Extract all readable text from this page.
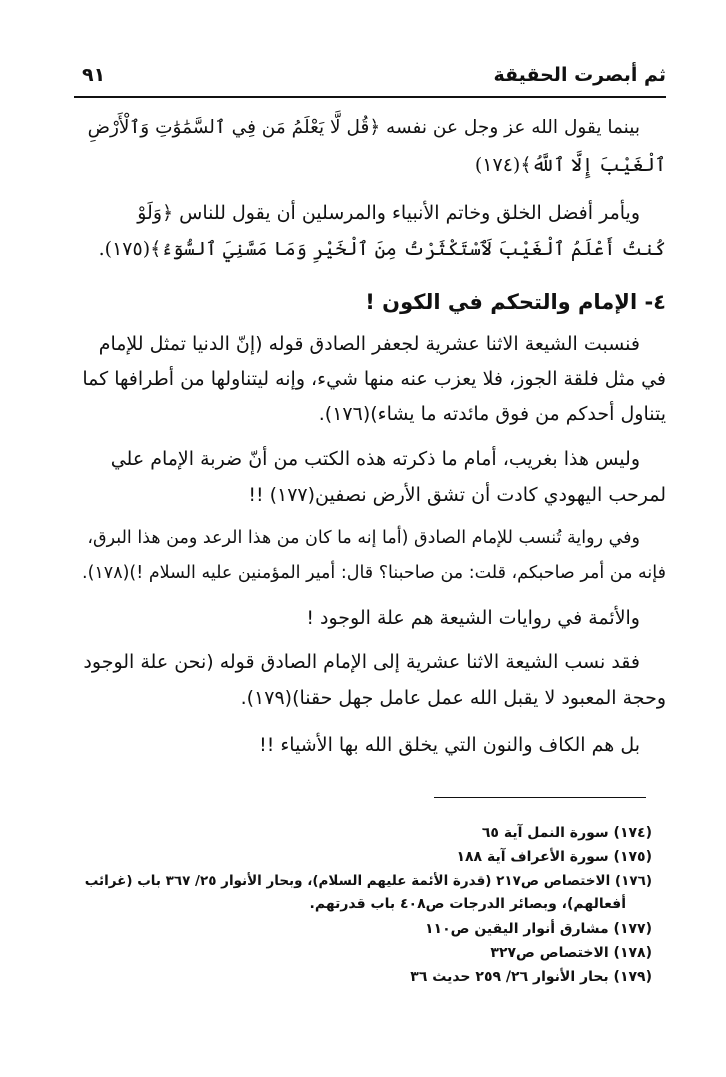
ثم أبصرت الحقيقة
٩١
بينما يقول الله عز وجل عن نفسه ﴿قُل لَّا يَعْلَمُ مَن فِي ٱلسَّمَٰوَٰتِ وَٱلْأَرْضِ
ٱلْغَيْبَ إِلَّا ٱللَّهُ﴾(١٧٤)
ويأمر أفضل الخلق وخاتم الأنبياء والمرسلين أن يقول للناس ﴿وَلَوْ
كُنتُ أَعْلَمُ ٱلْغَيْبَ لَٱسْتَكْثَرْتُ مِنَ ٱلْخَيْرِ وَمَا مَسَّنِيَ ٱلسُّوٓءُ﴾(١٧٥).
٤- الإمام والتحكم في الكون !
فنسبت الشيعة الاثنا عشرية لجعفر الصادق قوله (إنّ الدنيا تمثل للإمام
في مثل فلقة الجوز، فلا يعزب عنه منها شيء، وإنه ليتناولها من أطرافها كما
يتناول أحدكم من فوق مائدته ما يشاء)(١٧٦).
وليس هذا بغريب، أمام ما ذكرته هذه الكتب من أنّ ضربة الإمام علي
لمرحب اليهودي كادت أن تشق الأرض نصفين(١٧٧) !!
وفي رواية تُنسب للإمام الصادق (أما إنه ما كان من هذا الرعد ومن هذا البرق،
فإنه من أمر صاحبكم، قلت: من صاحبنا؟ قال: أمير المؤمنين عليه السلام !)(١٧٨).
والأئمة في روايات الشيعة هم علة الوجود !
فقد نسب الشيعة الاثنا عشرية إلى الإمام الصادق قوله (نحن علة الوجود
وحجة المعبود لا يقبل الله عمل عامل جهل حقنا)(١٧٩).
بل هم الكاف والنون التي يخلق الله بها الأشياء !!
(١٧٤) سورة النمل آية ٦٥
(١٧٥) سورة الأعراف آية ١٨٨
(١٧٦) الاختصاص ص٢١٧ (قدرة الأئمة عليهم السلام)، وبحار الأنوار ٢٥/ ٣٦٧ باب (غرائب
أفعالهم)، وبصائر الدرجات ص٤٠٨ باب قدرتهم.
(١٧٧) مشارق أنوار اليقين ص١١٠
(١٧٨) الاختصاص ص٣٢٧
(١٧٩) بحار الأنوار ٢٦/ ٢٥٩ حديث ٣٦
